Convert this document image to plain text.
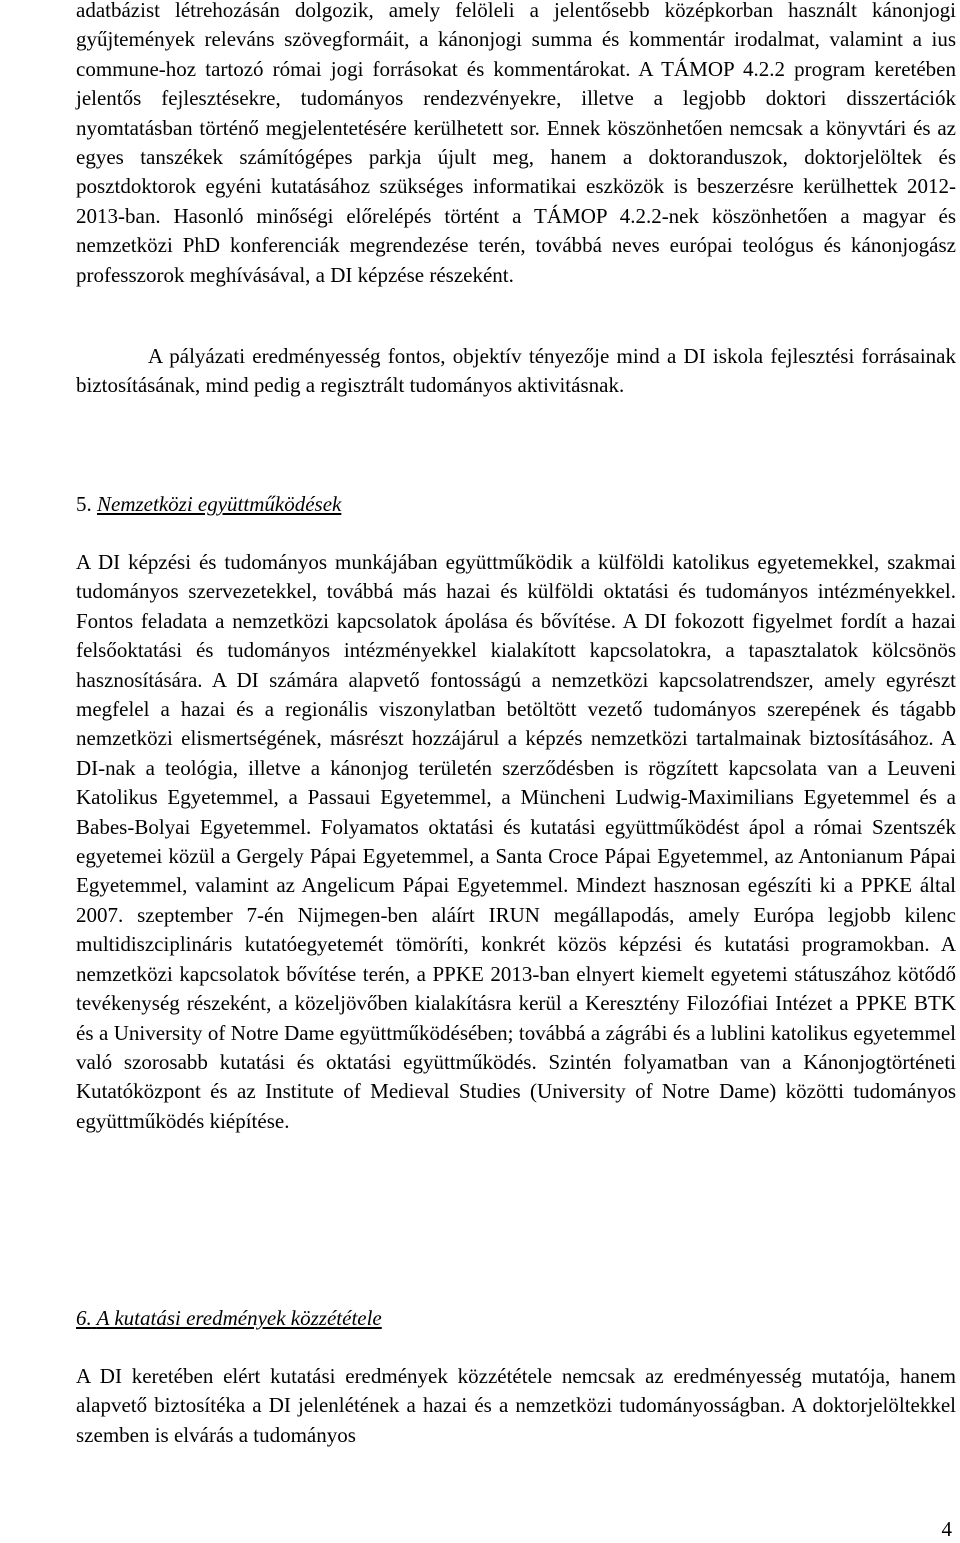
adatbázist létrehozásán dolgozik, amely felöleli a jelentősebb középkorban használt kánonjogi gyűjtemények releváns szövegformáit, a kánonjogi summa és kommentár irodalmat, valamint a ius commune-hoz tartozó római jogi forrásokat és kommentárokat. A TÁMOP 4.2.2 program keretében jelentős fejlesztésekre, tudományos rendezvényekre, illetve a legjobb doktori disszertációk nyomtatásban történő megjelentetésére kerülhetett sor. Ennek köszönhetően nemcsak a könyvtári és az egyes tanszékek számítógépes parkja újult meg, hanem a doktoranduszok, doktorjelöltek és posztdoktorok egyéni kutatásához szükséges informatikai eszközök is beszerzésre kerülhettek 2012-2013-ban. Hasonló minőségi előrelépés történt a TÁMOP 4.2.2-nek köszönhetően a magyar és nemzetközi PhD konferenciák megrendezése terén, továbbá neves európai teológus és kánonjogász professzorok meghívásával, a DI képzése részeként.

A pályázati eredményesség fontos, objektív tényezője mind a DI iskola fejlesztési forrásainak biztosításának, mind pedig a regisztrált tudományos aktivitásnak.

5. Nemzetközi együttműködések

A DI képzési és tudományos munkájában együttműködik a külföldi katolikus egyetemekkel, szakmai tudományos szervezetekkel, továbbá más hazai és külföldi oktatási és tudományos intézményekkel. Fontos feladata a nemzetközi kapcsolatok ápolása és bővítése. A DI fokozott figyelmet fordít a hazai felsőoktatási és tudományos intézményekkel kialakított kapcsolatokra, a tapasztalatok kölcsönös hasznosítására. A DI számára alapvető fontosságú a nemzetközi kapcsolatrendszer, amely egyrészt megfelel a hazai és a regionális viszonylatban betöltött vezető tudományos szerepének és tágabb nemzetközi elismertségének, másrészt hozzájárul a képzés nemzetközi tartalmainak biztosításához. A DI-nak a teológia, illetve a kánonjog területén szerződésben is rögzített kapcsolata van a Leuveni Katolikus Egyetemmel, a Passaui Egyetemmel, a Müncheni Ludwig-Maximilians Egyetemmel és a Babes-Bolyai Egyetemmel. Folyamatos oktatási és kutatási együttműködést ápol a római Szentszék egyetemei közül a Gergely Pápai Egyetemmel, a Santa Croce Pápai Egyetemmel, az Antonianum Pápai Egyetemmel, valamint az Angelicum Pápai Egyetemmel. Mindezt hasznosan egészíti ki a PPKE által 2007. szeptember 7-én Nijmegen-ben aláírt IRUN megállapodás, amely Európa legjobb kilenc multidiszciplináris kutatóegyetemét tömöríti, konkrét közös képzési és kutatási programokban. A nemzetközi kapcsolatok bővítése terén, a PPKE 2013-ban elnyert kiemelt egyetemi státuszához kötődő tevékenység részeként, a közeljövőben kialakításra kerül a Keresztény Filozófiai Intézet a PPKE BTK és a University of Notre Dame együttműködésében; továbbá a zágrábi és a lublini katolikus egyetemmel való szorosabb kutatási és oktatási együttműködés. Szintén folyamatban van a Kánonjogtörténeti Kutatóközpont és az Institute of Medieval Studies (University of Notre Dame) közötti tudományos együttműködés kiépítése.

6. A kutatási eredmények közzététele

A DI keretében elért kutatási eredmények közzététele nemcsak az eredményesség mutatója, hanem alapvető biztosítéka a DI jelenlétének a hazai és a nemzetközi tudományosságban. A doktorjelöltekkel szemben is elvárás a tudományos

4
